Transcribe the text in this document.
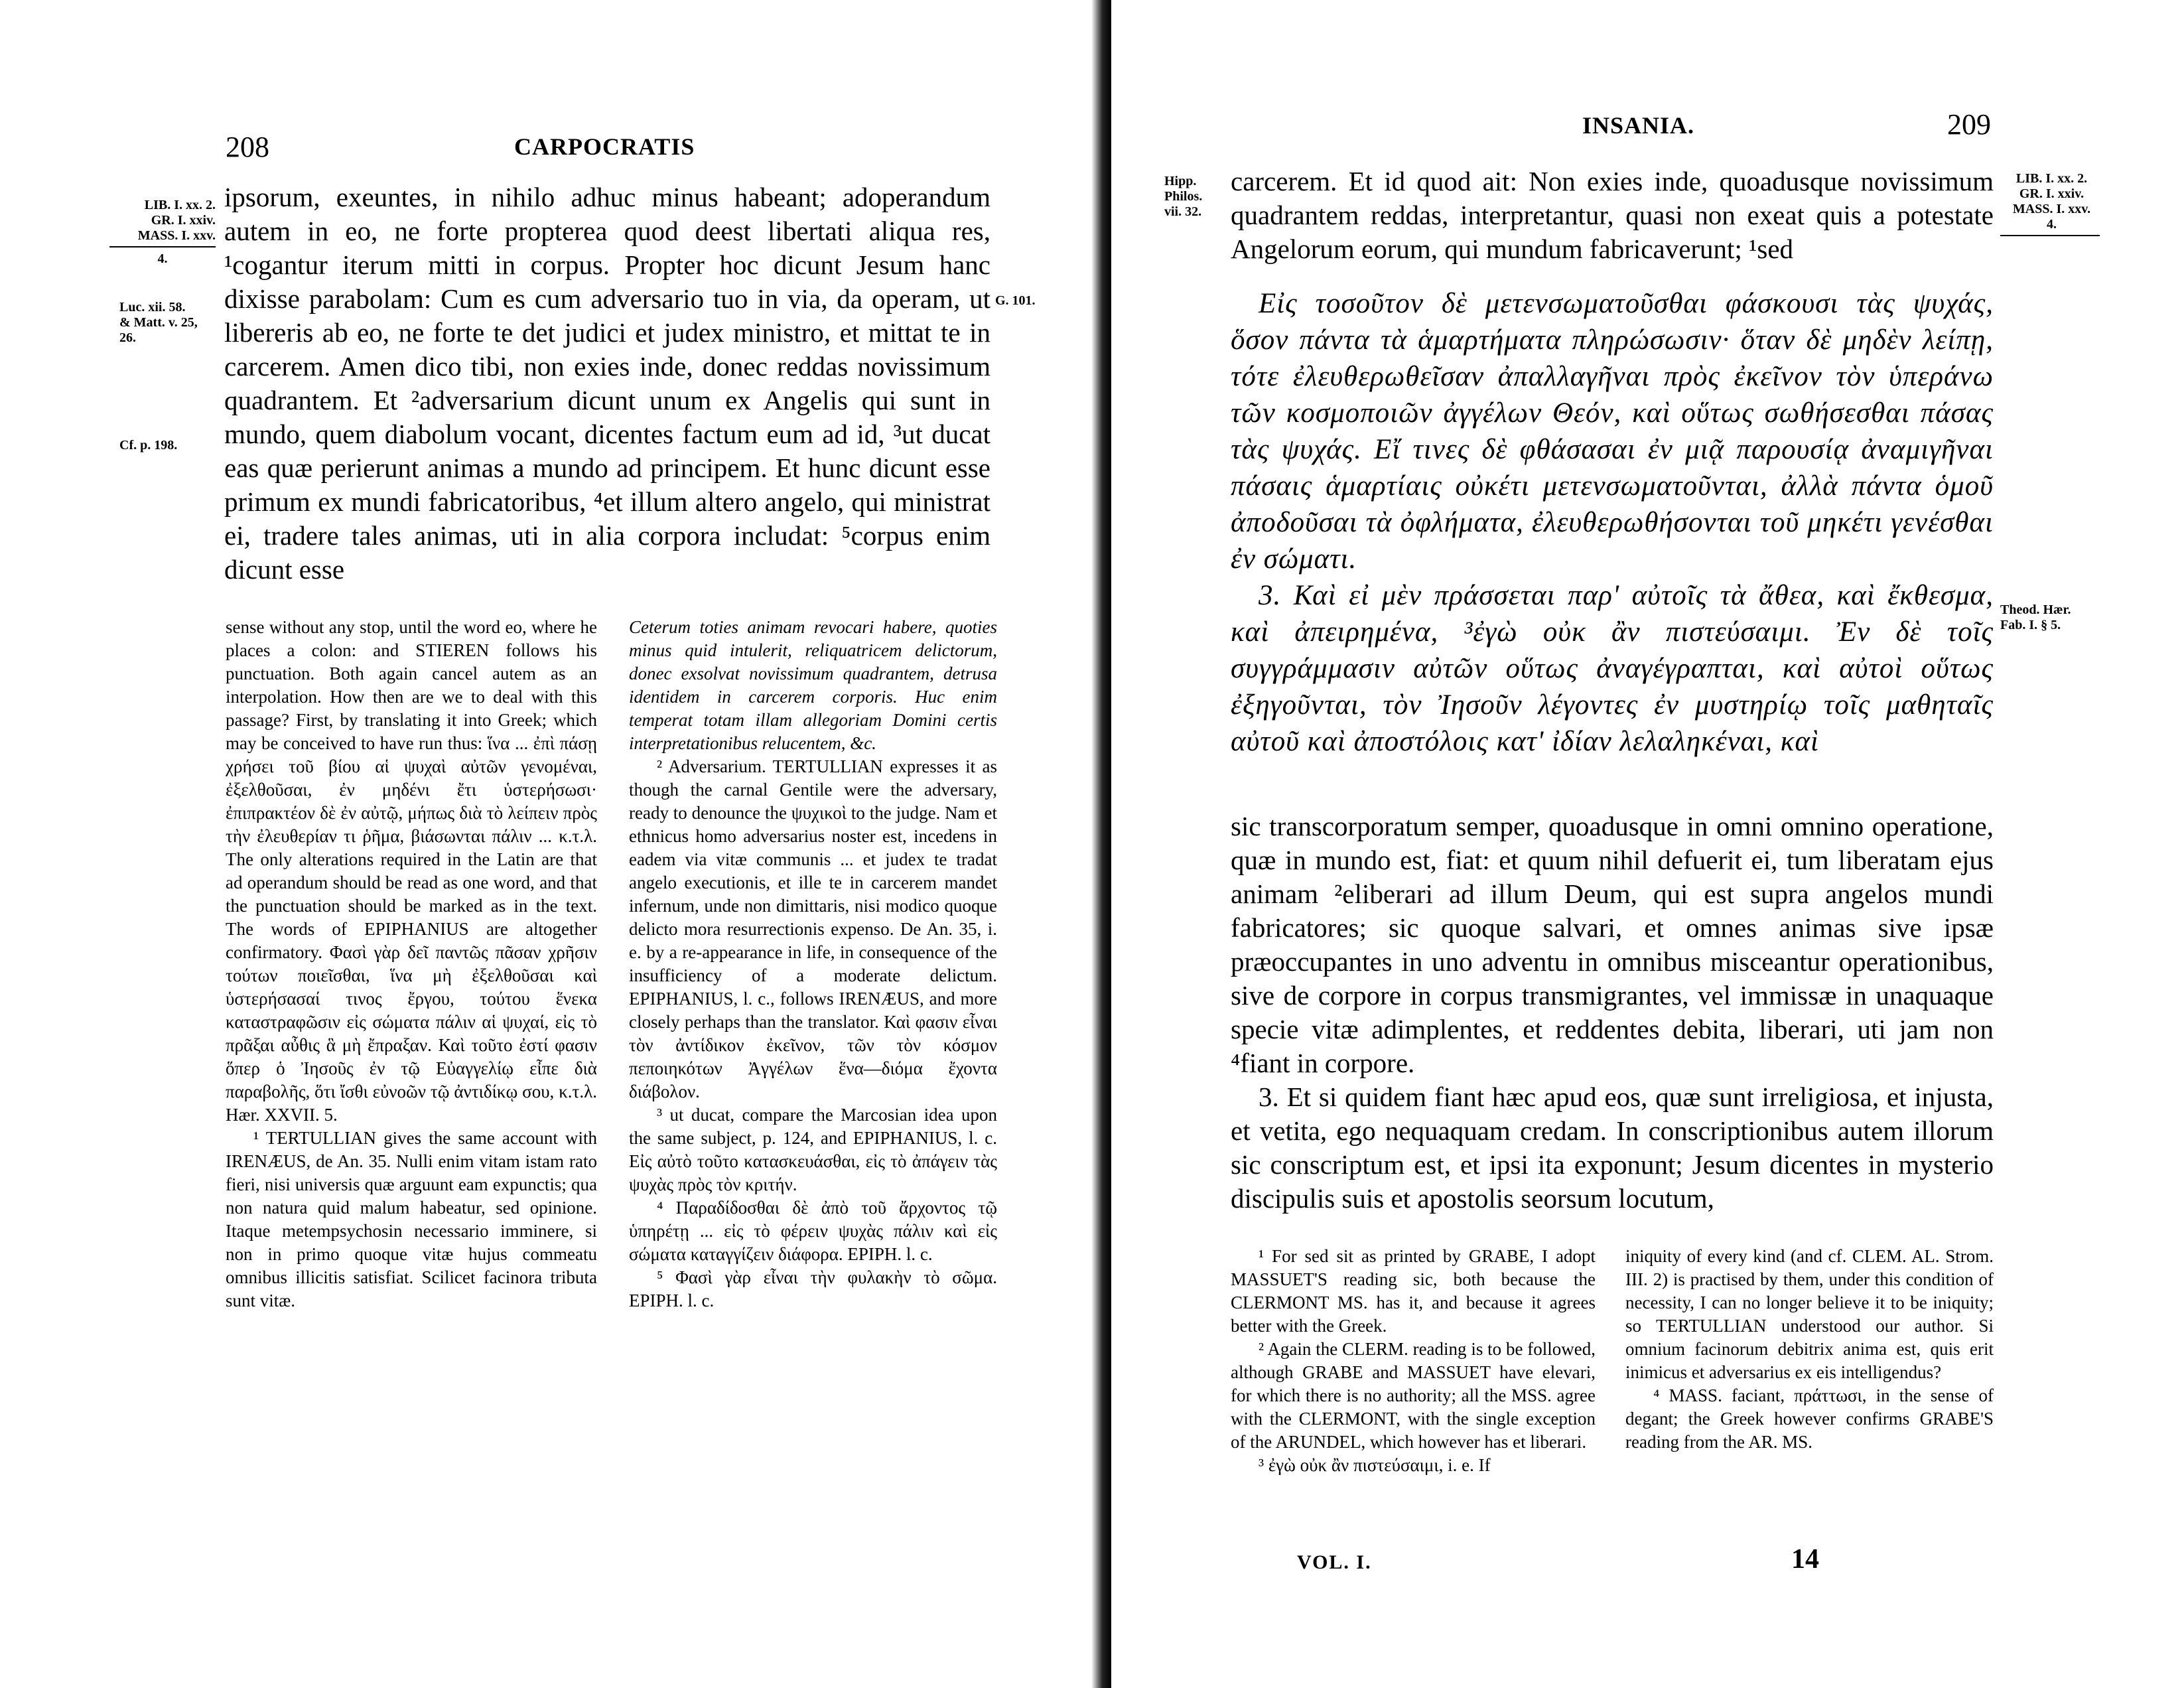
208	CARPOCRATIS
LIB. I. xx. 2.
GR. I. xxiv.
MASS. I. xxv.
4.
Luc. xii. 58.
& Matt. v. 25,
26.
Cf. p. 198.
G. 101.

ipsorum, exeuntes, in nihilo adhuc minus habeant; adoperandum autem in eo, ne forte propterea quod deest libertati aliqua res, ¹cogantur iterum mitti in corpus. Propter hoc dicunt Jesum hanc dixisse parabolam: Cum es cum adversario tuo in via, da operam, ut libereris ab eo, ne forte te det judici et judex ministro, et mittat te in carcerem. Amen dico tibi, non exies inde, donec reddas novissimum quadrantem. Et ²adversarium dicunt unum ex Angelis qui sunt in mundo, quem diabolum vocant, dicentes factum eum ad id, ³ut ducat eas quæ perierunt animas a mundo ad principem. Et hunc dicunt esse primum ex mundi fabricatoribus, ⁴et illum altero angelo, qui ministrat ei, tradere tales animas, uti in alia corpora includat: ⁵corpus enim dicunt esse

sense without any stop, until the word eo, where he places a colon: and STIEREN follows his punctuation. Both again cancel autem as an interpolation. How then are we to deal with this passage? First, by translating it into Greek; which may be conceived to have run thus: ἵνα ... ἐπὶ πάσῃ χρήσει τοῦ βίου αἱ ψυχαὶ αὐτῶν γενομέναι, ἐξελθοῦσαι, ἐν μηδένι ἔτι ὑστερήσωσι· ἐπιπρακτέον δὲ ἐν αὐτῷ, μήπως διὰ τὸ λείπειν πρὸς τὴν ἐλευθερίαν τι ῥῆμα, βιάσωνται πάλιν ... κ.τ.λ. The only alterations required in the Latin are that ad operandum should be read as one word, and that the punctuation should be marked as in the text. The words of EPIPHANIUS are altogether confirmatory. Φασὶ γὰρ δεῖ παντῶς πᾶσαν χρῆσιν τούτων ποιεῖσθαι, ἵνα μὴ ἐξελθοῦσαι καὶ ὑστερήσασαί τινος ἔργου, τούτου ἕνεκα καταστραφῶσιν εἰς σώματα πάλιν αἱ ψυχαί, εἰς τὸ πρᾶξαι αὖθις ἃ μὴ ἔπραξαν. Καὶ τοῦτο ἐστί φασιν ὅπερ ὁ Ἰησοῦς ἐν τῷ Εὐαγγελίῳ εἶπε διὰ παραβολῆς, ὅτι ἴσθι εὐνοῶν τῷ ἀντιδίκῳ σου, κ.τ.λ. Hær. XXVII. 5.

¹ TERTULLIAN gives the same account with IRENÆUS, de An. 35. Nulli enim vitam istam rato fieri, nisi universis quæ arguunt eam expunctis; qua non natura quid malum habeatur, sed opinione. Itaque metempsychosin necessario imminere, si non in primo quoque vitæ hujus commeatu omnibus illicitis satisfiat. Scilicet facinora tributa sunt vitæ.

Ceterum toties animam revocari habere, quoties minus quid intulerit, reliquatricem delictorum, donec exsolvat novissimum quadrantem, detrusa identidem in carcerem corporis. Huc enim temperat totam illam allegoriam Domini certis interpretationibus relucentem, &c.

² Adversarium. TERTULLIAN expresses it as though the carnal Gentile were the adversary, ready to denounce the ψυχικοὶ to the judge. Nam et ethnicus homo adversarius noster est, incedens in eadem via vitæ communis ... et judex te tradat angelo executionis, et ille te in carcerem mandet infernum, unde non dimittaris, nisi modico quoque delicto mora resurrectionis expenso. De An. 35, i. e. by a re-appearance in life, in consequence of the insufficiency of a moderate delictum. EPIPHANIUS, l. c., follows IRENÆUS, and more closely perhaps than the translator. Καὶ φασιν εἶναι τὸν ἀντίδικον ἐκεῖνον, τῶν τὸν κόσμον πεποιηκότων Ἀγγέλων ἕνα—διόμα ἔχοντα διάβολον.

³ ut ducat, compare the Marcosian idea upon the same subject, p. 124, and EPIPHANIUS, l. c. Εἰς αὐτὸ τοῦτο κατασκευάσθαι, εἰς τὸ ἀπάγειν τὰς ψυχὰς πρὸς τὸν κριτήν.

⁴ Παραδίδοσθαι δὲ ἀπὸ τοῦ ἄρχοντος τῷ ὑπηρέτῃ ... εἰς τὸ φέρειν ψυχὰς πάλιν καὶ εἰς σώματα καταγγίζειν διάφορα. EPIPH. l. c.

⁵ Φασὶ γὰρ εἶναι τὴν φυλακὴν τὸ σῶμα. EPIPH. l. c.

INSANIA.	209
Hipp.
Philos.
vii. 32.
LIB. I. xx. 2.
GR. I. xxiv.
MASS. I. xxv.
4.
Theod. Hær.
Fab. I. § 5.

carcerem. Et id quod ait: Non exies inde, quoadusque novissimum quadrantem reddas, interpretantur, quasi non exeat quis a potestate Angelorum eorum, qui mundum fabricaverunt; ¹sed

Εἰς τοσοῦτον δὲ μετενσωματοῦσθαι φάσκουσι τὰς ψυχάς, ὅσον πάντα τὰ ἁμαρτήματα πληρώσωσιν· ὅταν δὲ μηδὲν λείπῃ, τότε ἐλευθερωθεῖσαν ἀπαλλαγῆναι πρὸς ἐκεῖνον τὸν ὑπεράνω τῶν κοσμοποιῶν ἀγγέλων Θεόν, καὶ οὕτως σωθήσεσθαι πάσας τὰς ψυχάς. Εἴ τινες δὲ φθάσασαι ἐν μιᾷ παρουσίᾳ ἀναμιγῆναι πάσαις ἁμαρτίαις οὐκέτι μετενσωματοῦνται, ἀλλὰ πάντα ὁμοῦ ἀποδοῦσαι τὰ ὀφλήματα, ἐλευθερωθήσονται τοῦ μηκέτι γενέσθαι ἐν σώματι.

3. Καὶ εἰ μὲν πράσσεται παρ' αὐτοῖς τὰ ἄθεα, καὶ ἔκθεσμα, καὶ ἀπειρημένα, ³ἐγὼ οὐκ ἂν πιστεύσαιμι. Ἐν δὲ τοῖς συγγράμμασιν αὐτῶν οὕτως ἀναγέγραπται, καὶ αὐτοὶ οὕτως ἐξηγοῦνται, τὸν Ἰησοῦν λέγοντες ἐν μυστηρίῳ τοῖς μαθηταῖς αὐτοῦ καὶ ἀποστόλοις κατ' ἰδίαν λελαληκέναι, καὶ

sic transcorporatum semper, quoadusque in omni omnino operatione, quæ in mundo est, fiat: et quum nihil defuerit ei, tum liberatam ejus animam ²eliberari ad illum Deum, qui est supra angelos mundi fabricatores; sic quoque salvari, et omnes animas sive ipsæ præoccupantes in uno adventu in omnibus misceantur operationibus, sive de corpore in corpus transmigrantes, vel immissæ in unaquaque specie vitæ adimplentes, et reddentes debita, liberari, uti jam non ⁴fiant in corpore.

3. Et si quidem fiant hæc apud eos, quæ sunt irreligiosa, et injusta, et vetita, ego nequaquam credam. In conscriptionibus autem illorum sic conscriptum est, et ipsi ita exponunt; Jesum dicentes in mysterio discipulis suis et apostolis seorsum locutum,

¹ For sed sit as printed by GRABE, I adopt MASSUET'S reading sic, both because the CLERMONT MS. has it, and because it agrees better with the Greek.

² Again the CLERM. reading is to be followed, although GRABE and MASSUET have elevari, for which there is no authority; all the MSS. agree with the CLERMONT, with the single exception of the ARUNDEL, which however has et liberari.

³ ἐγὼ οὐκ ἂν πιστεύσαιμι, i. e. If

iniquity of every kind (and cf. CLEM. AL. Strom. III. 2) is practised by them, under this condition of necessity, I can no longer believe it to be iniquity; so TERTULLIAN understood our author. Si omnium facinorum debitrix anima est, quis erit inimicus et adversarius ex eis intelligendus?

⁴ MASS. faciant, πράττωσι, in the sense of degant; the Greek however confirms GRABE'S reading from the AR. MS.

VOL. I.	14
